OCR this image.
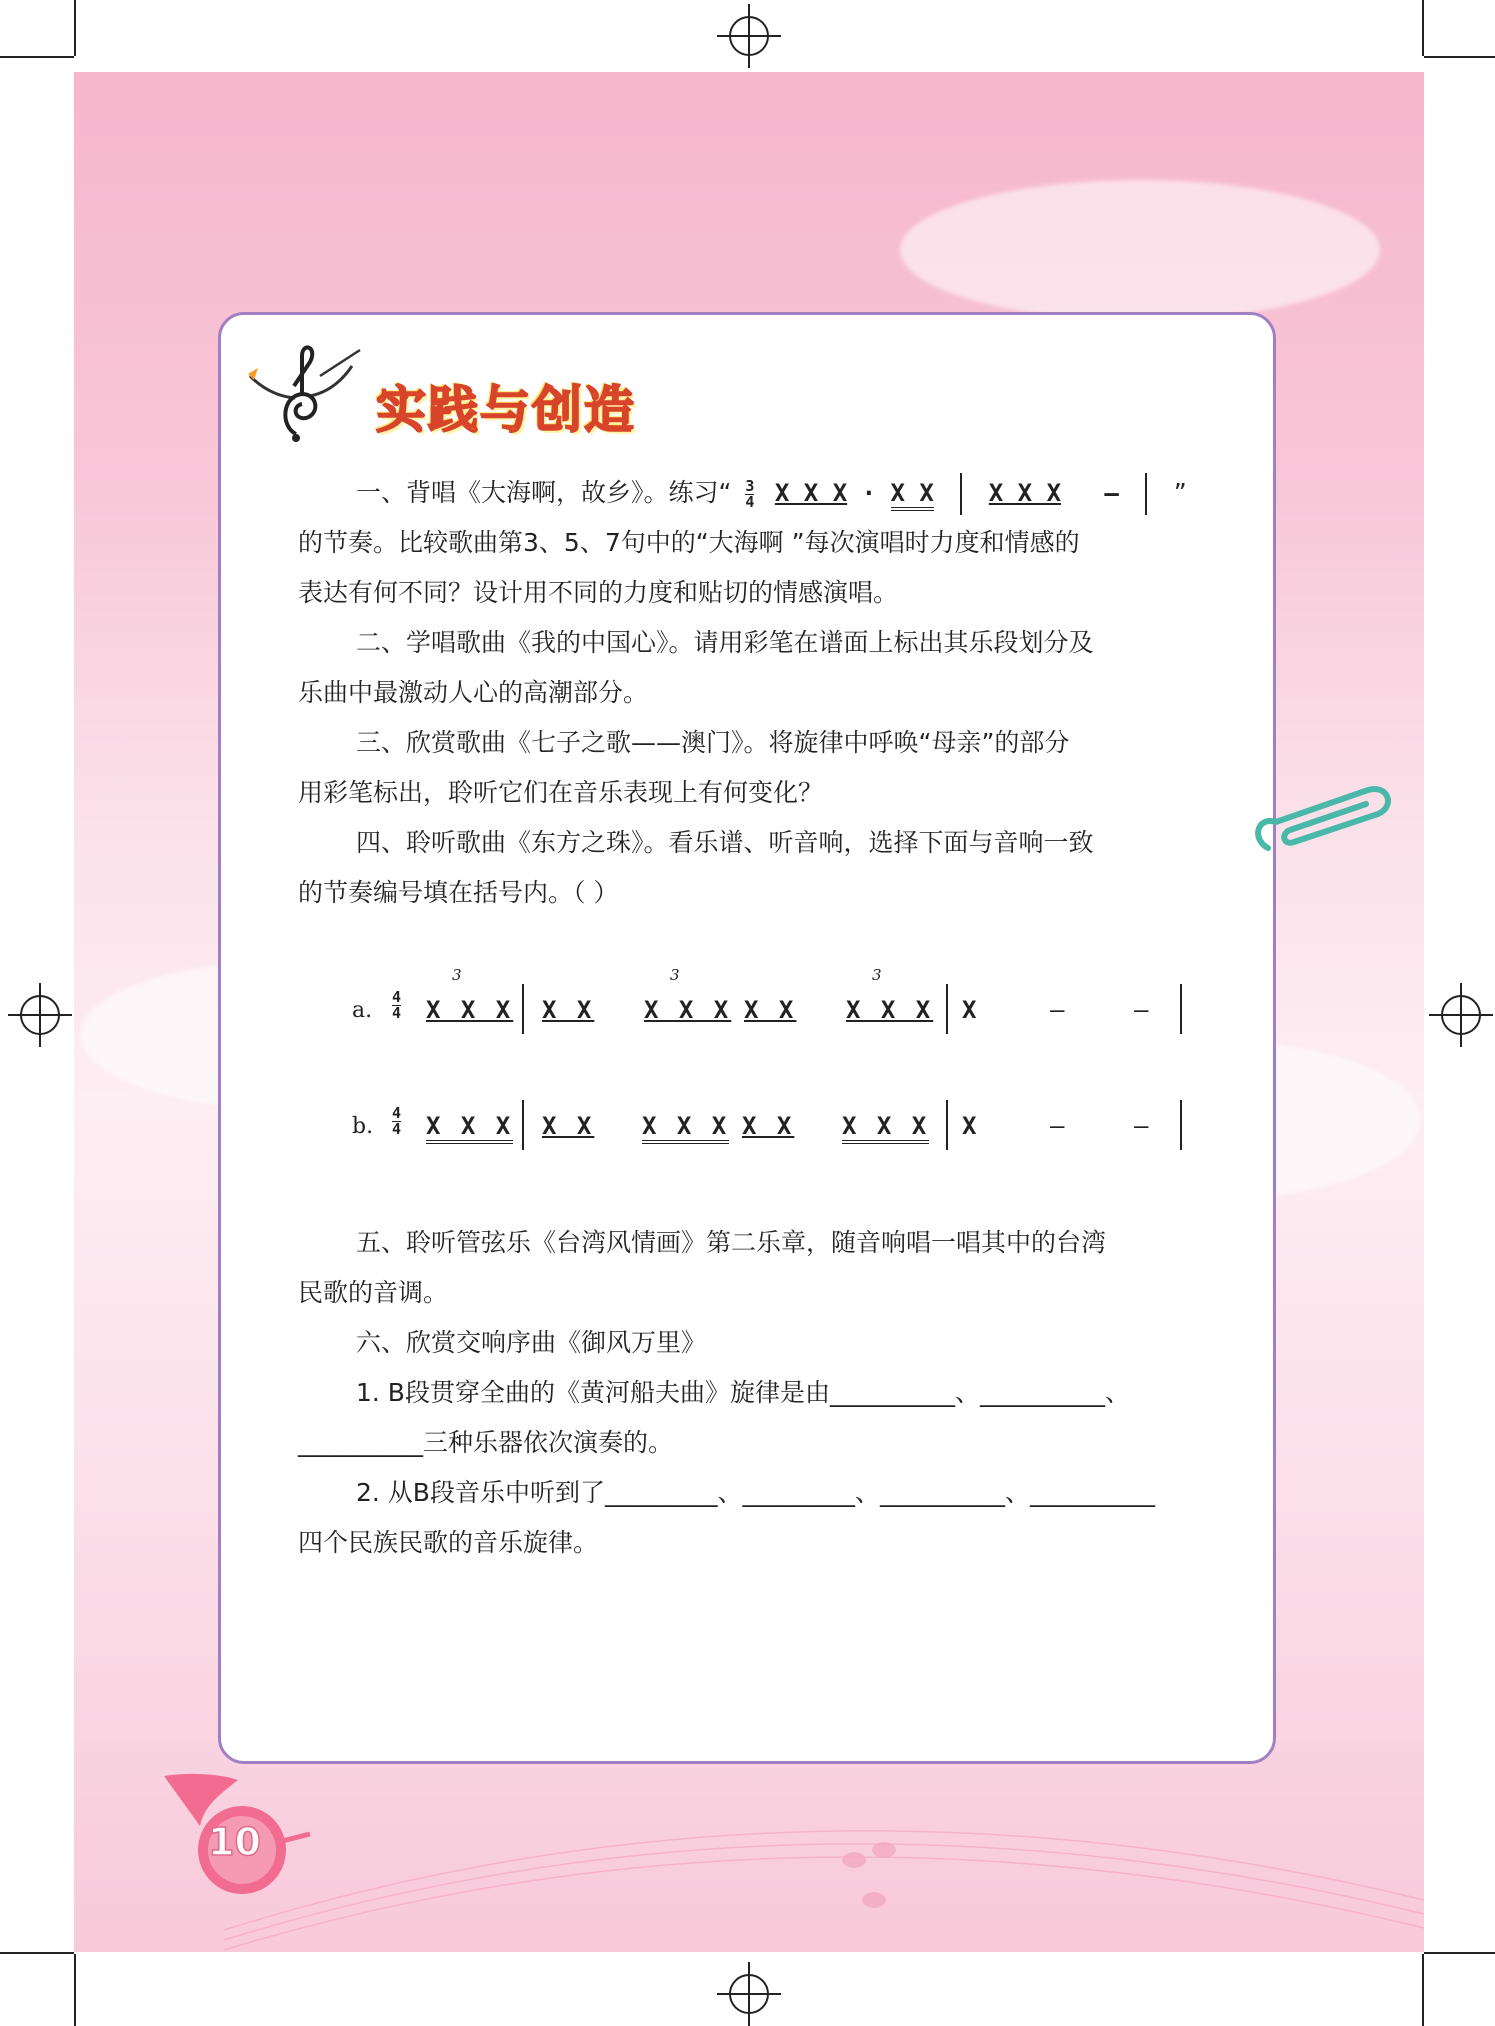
实践与创造
一、背唱《大海啊，故乡》。练习“ $\frac{3}{4}$ X X X · X X X X X – ”
的节奏。比较歌曲第3、5、7句中的“大海啊 ”每次演唱时力度和情感的
表达有何不同？设计用不同的力度和贴切的情感演唱。
二、学唱歌曲《我的中国心》。请用彩笔在谱面上标出其乐段划分及
乐曲中最激动人心的高潮部分。
三、欣赏歌曲《七子之歌——澳门》。将旋律中呼唤“母亲”的部分
用彩笔标出，聆听它们在音乐表现上有何变化？
四、聆听歌曲《东方之珠》。看乐谱、听音响，选择下面与音响一致
的节奏编号填在括号内。（ ）
a. $\frac{4}{4}$
3
X X X X X
3
X X X X X
3
X X X X	–	–
b. $\frac{4}{4}$ X X X X X X X X X X X X X X	–	–
五、聆听管弦乐《台湾风情画》第二乐章，随音响唱一唱其中的台湾
民歌的音调。
六、欣赏交响序曲《御风万里》
1. B段贯穿全曲的《黄河船夫曲》旋律是由__________、__________、
__________三种乐器依次演奏的。
2. 从B段音乐中听到了_________、_________、__________、__________
四个民族民歌的音乐旋律。
10
